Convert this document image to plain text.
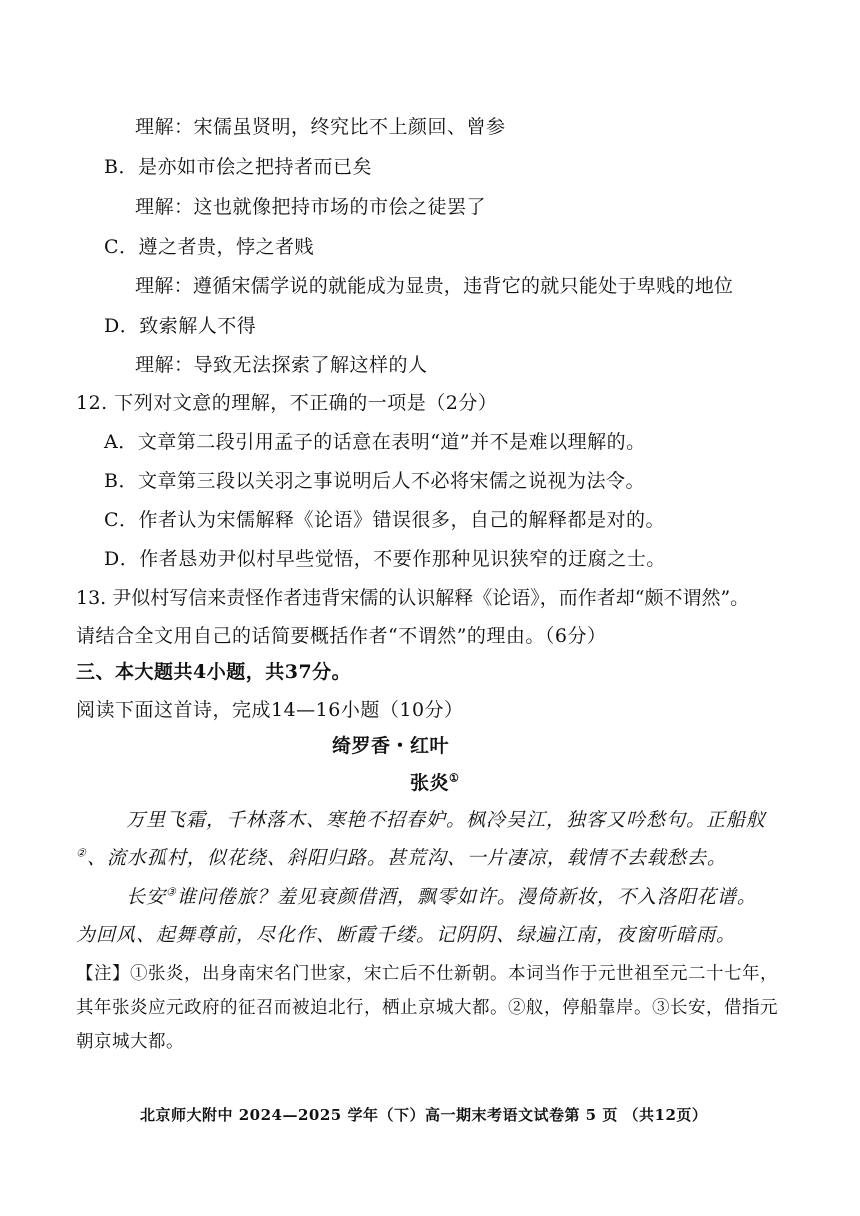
理解：宋儒虽贤明，终究比不上颜回、曾参
B．是亦如市侩之把持者而已矣
理解：这也就像把持市场的市侩之徒罢了
C．遵之者贵，悖之者贱
理解：遵循宋儒学说的就能成为显贵，违背它的就只能处于卑贱的地位
D．致索解人不得
理解：导致无法探索了解这样的人
12. 下列对文意的理解，不正确的一项是（2分）
A．文章第二段引用孟子的话意在表明“道”并不是难以理解的。
B．文章第三段以关羽之事说明后人不必将宋儒之说视为法令。
C．作者认为宋儒解释《论语》错误很多，自己的解释都是对的。
D．作者恳劝尹似村早些觉悟，不要作那种见识狭窄的迂腐之士。
13. 尹似村写信来责怪作者违背宋儒的认识解释《论语》，而作者却“颇不谓然”。
请结合全文用自己的话简要概括作者“不谓然”的理由。（6分）
三、本大题共4小题，共37分。
阅读下面这首诗，完成14—16小题（10分）
绮罗香・红叶
张炎①
万里飞霜，千林落木、寒艳不招春妒。枫冷吴江，独客又吟愁句。正船舣
②、流水孤村，似花绕、斜阳归路。甚荒沟、一片凄凉，载情不去载愁去。
长安③谁问倦旅？羞见衰颜借酒，飘零如许。漫倚新妆，不入洛阳花谱。
为回风、起舞尊前，尽化作、断霞千缕。记阴阴、绿遍江南，夜窗听暗雨。
【注】①张炎，出身南宋名门世家，宋亡后不仕新朝。本词当作于元世祖至元二十七年，
其年张炎应元政府的征召而被迫北行，栖止京城大都。②舣，停船靠岸。③长安，借指元
朝京城大都。
北京师大附中 2024—2025 学年（下）高一期末考语文试卷第 5 页 （共12页）
